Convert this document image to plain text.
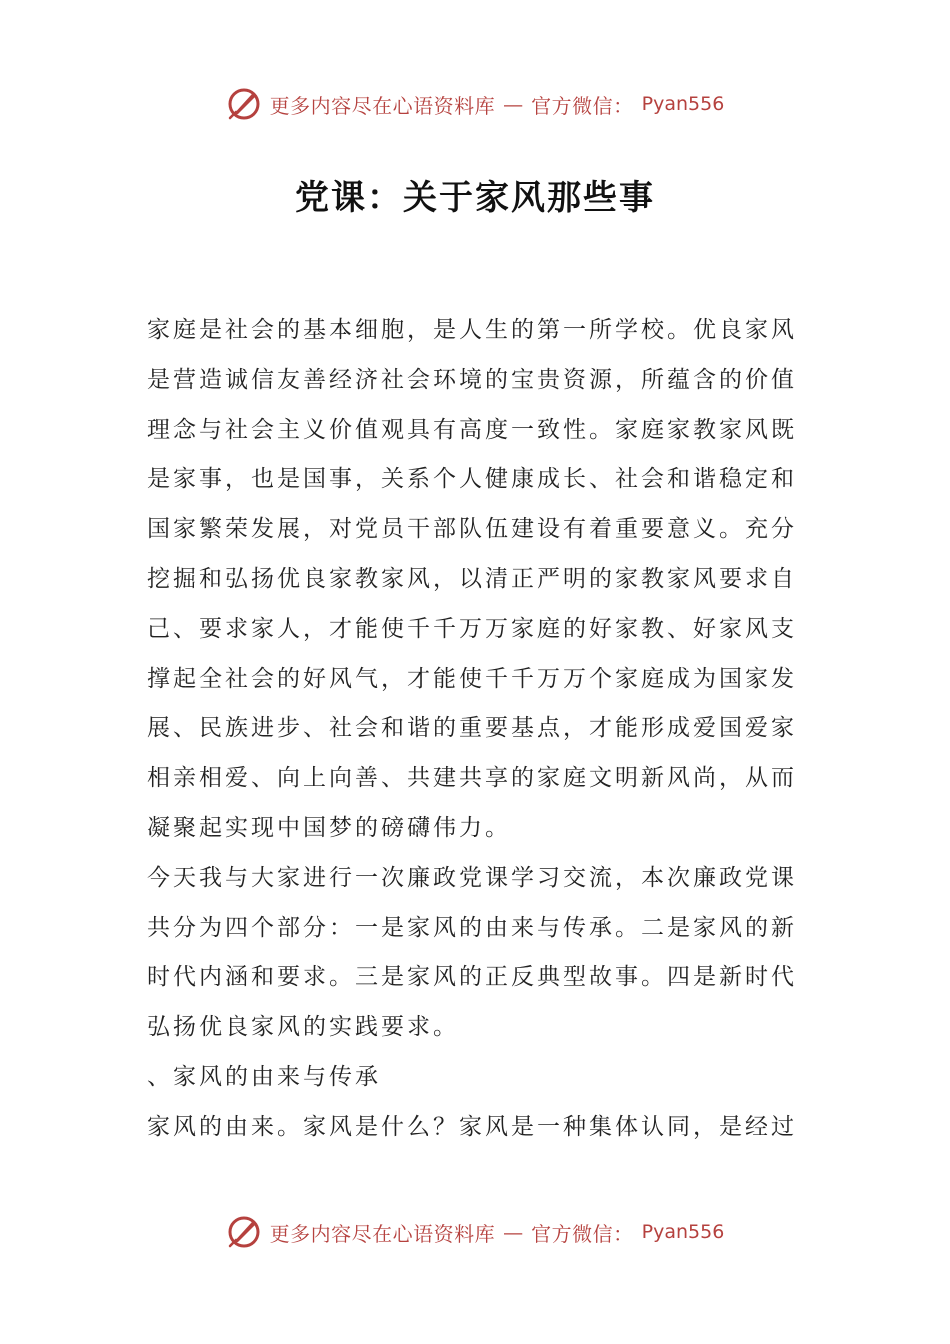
更多内容尽在心语资料库 — 官方微信： Pyan556
党课：关于家风那些事

家庭是社会的基本细胞，是人生的第一所学校。优良家风是营造诚信友善经济社会环境的宝贵资源，所蕴含的价值理念与社会主义价值观具有高度一致性。家庭家教家风既是家事，也是国事，关系个人健康成长、社会和谐稳定和国家繁荣发展，对党员干部队伍建设有着重要意义。充分挖掘和弘扬优良家教家风，以清正严明的家教家风要求自己、要求家人，才能使千千万万家庭的好家教、好家风支撑起全社会的好风气，才能使千千万万个家庭成为国家发展、民族进步、社会和谐的重要基点，才能形成爱国爱家相亲相爱、向上向善、共建共享的家庭文明新风尚，从而凝聚起实现中国梦的磅礴伟力。

今天我与大家进行一次廉政党课学习交流，本次廉政党课共分为四个部分：一是家风的由来与传承。二是家风的新时代内涵和要求。三是家风的正反典型故事。四是新时代弘扬优良家风的实践要求。

、家风的由来与传承

家风的由来。家风是什么？家风是一种集体认同，是经过

更多内容尽在心语资料库 — 官方微信： Pyan556
